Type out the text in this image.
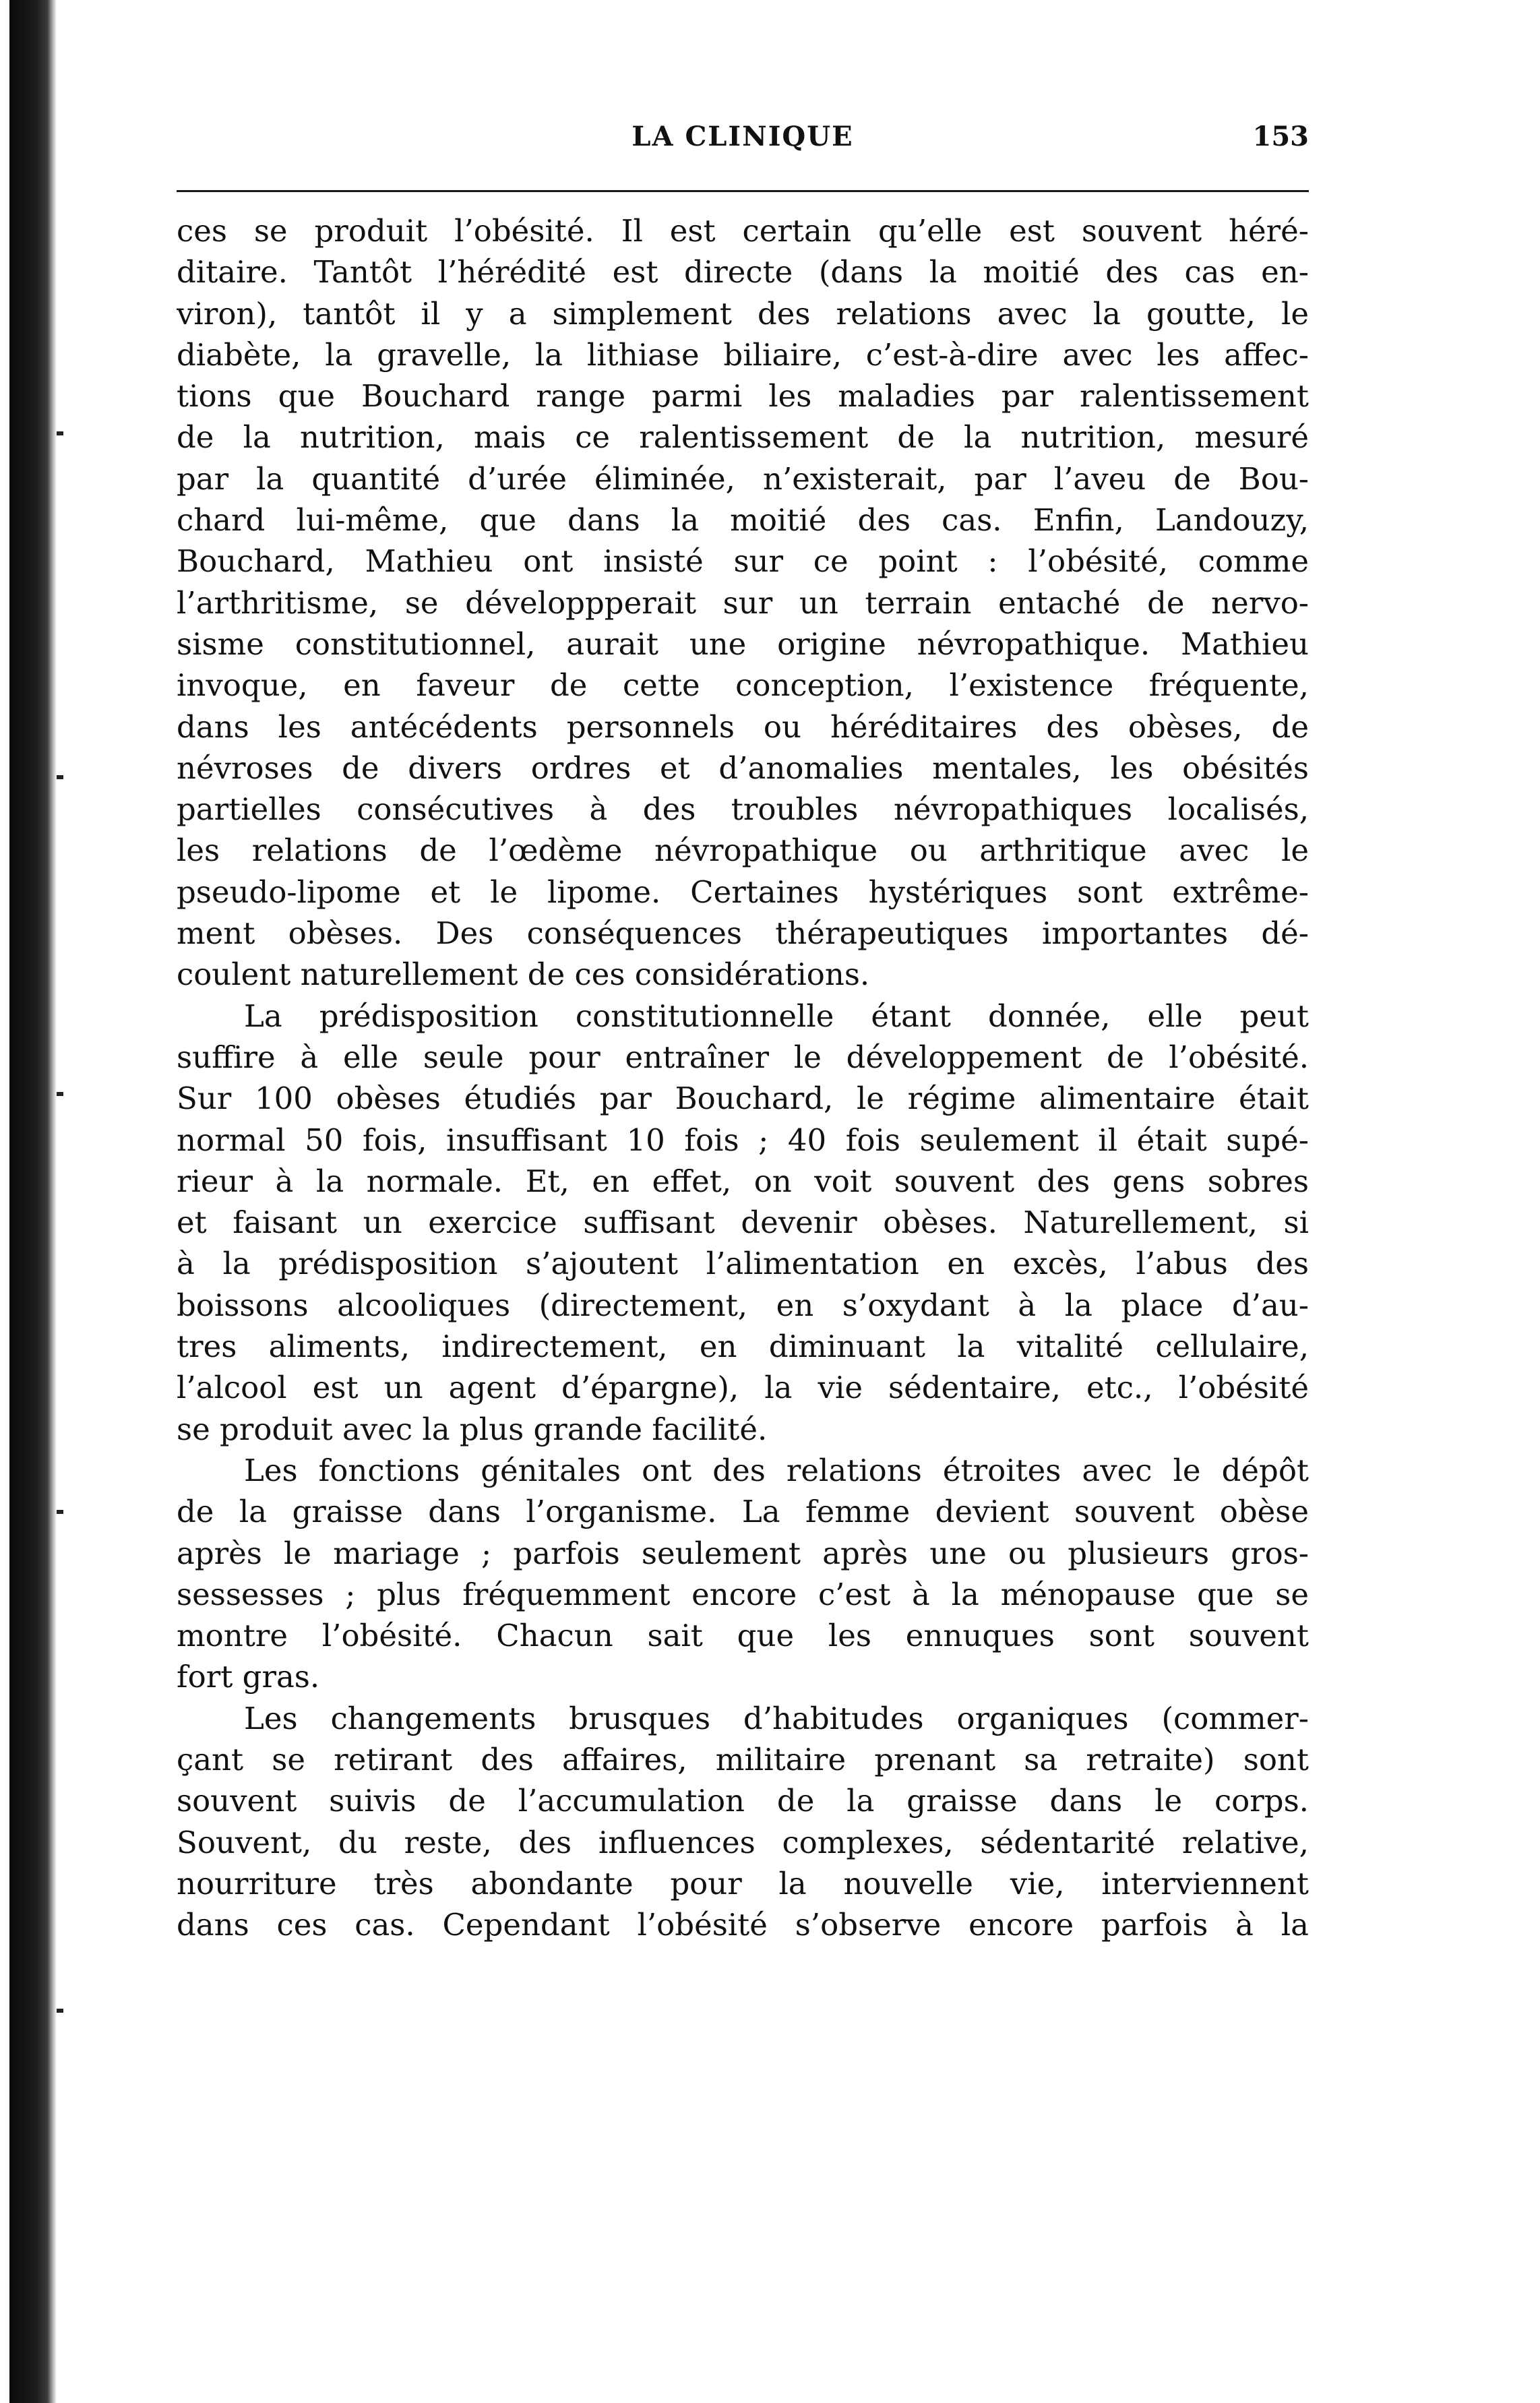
LA CLINIQUE	153
ces se produit l’obésité. Il est certain qu’elle est souvent héré-
ditaire. Tantôt l’hérédité est directe (dans la moitié des cas en-
viron), tantôt il y a simplement des relations avec la goutte, le
diabète, la gravelle, la lithiase biliaire, c’est-à-dire avec les affec-
tions que Bouchard range parmi les maladies par ralentissement
de la nutrition, mais ce ralentissement de la nutrition, mesuré
par la quantité d’urée éliminée, n’existerait, par l’aveu de Bou-
chard lui-même, que dans la moitié des cas. Enfin, Landouzy,
Bouchard, Mathieu ont insisté sur ce point : l’obésité, comme
l’arthritisme, se développperait sur un terrain entaché de nervo-
sisme constitutionnel, aurait une origine névropathique. Mathieu
invoque, en faveur de cette conception, l’existence fréquente,
dans les antécédents personnels ou héréditaires des obèses, de
névroses de divers ordres et d’anomalies mentales, les obésités
partielles consécutives à des troubles névropathiques localisés,
les relations de l’œdème névropathique ou arthritique avec le
pseudo-lipome et le lipome. Certaines hystériques sont extrême-
ment obèses. Des conséquences thérapeutiques importantes dé-
coulent naturellement de ces considérations.
La prédisposition constitutionnelle étant donnée, elle peut
suffire à elle seule pour entraîner le développement de l’obésité.
Sur 100 obèses étudiés par Bouchard, le régime alimentaire était
normal 50 fois, insuffisant 10 fois ; 40 fois seulement il était supé-
rieur à la normale. Et, en effet, on voit souvent des gens sobres
et faisant un exercice suffisant devenir obèses. Naturellement, si
à la prédisposition s’ajoutent l’alimentation en excès, l’abus des
boissons alcooliques (directement, en s’oxydant à la place d’au-
tres aliments, indirectement, en diminuant la vitalité cellulaire,
l’alcool est un agent d’épargne), la vie sédentaire, etc., l’obésité
se produit avec la plus grande facilité.
Les fonctions génitales ont des relations étroites avec le dépôt
de la graisse dans l’organisme. La femme devient souvent obèse
après le mariage ; parfois seulement après une ou plusieurs gros-
sessesses ; plus fréquemment encore c’est à la ménopause que se
montre l’obésité. Chacun sait que les ennuques sont souvent
fort gras.
Les changements brusques d’habitudes organiques (commer-
çant se retirant des affaires, militaire prenant sa retraite) sont
souvent suivis de l’accumulation de la graisse dans le corps.
Souvent, du reste, des influences complexes, sédentarité relative,
nourriture très abondante pour la nouvelle vie, interviennent
dans ces cas. Cependant l’obésité s’observe encore parfois à la
